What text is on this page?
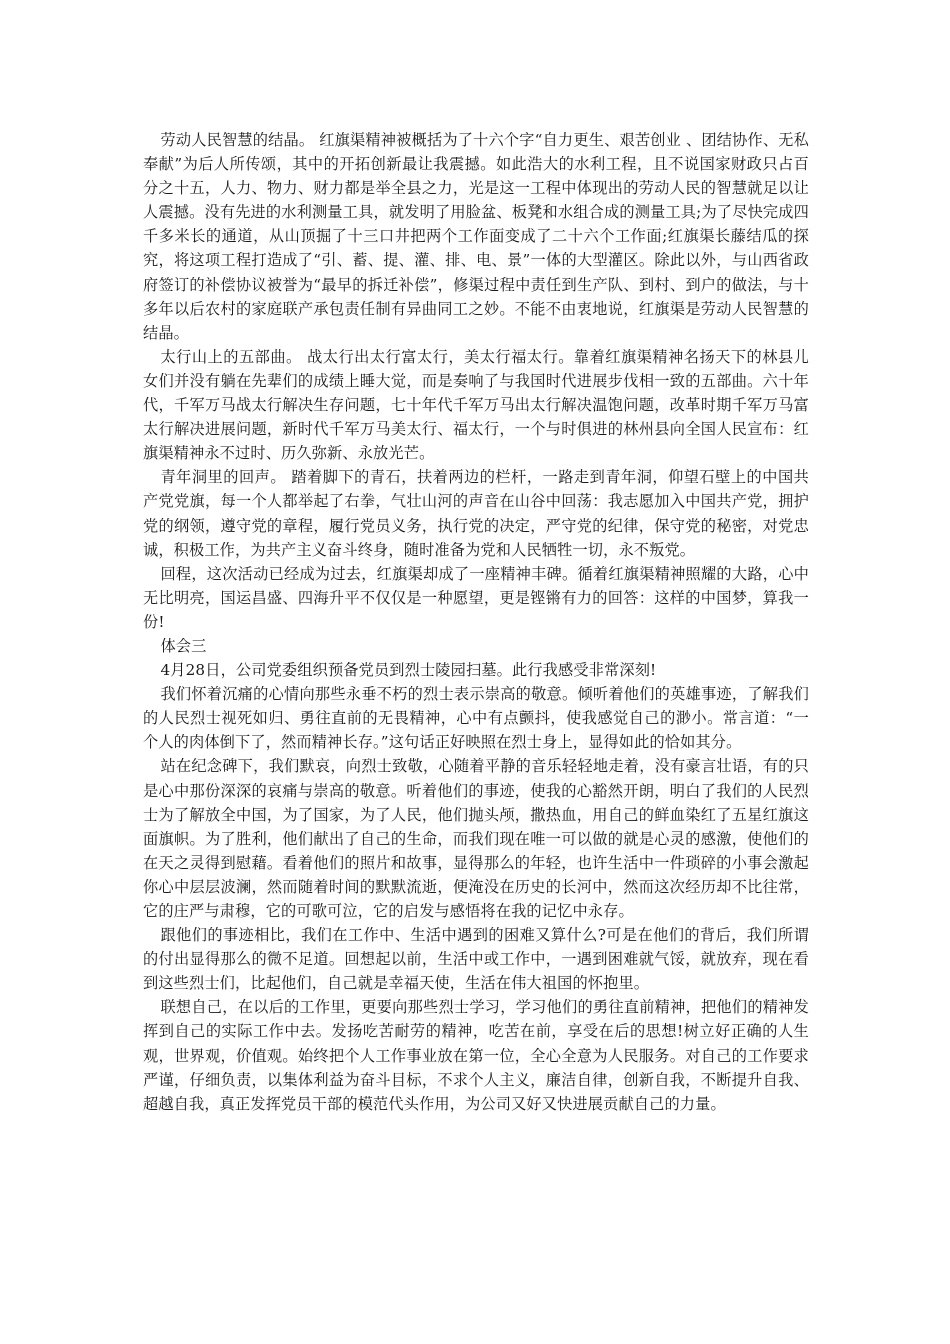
劳动人民智慧的结晶。 红旗渠精神被概括为了十六个字“自力更生、艰苦创业 、团结协作、无私奉献”为后人所传颂，其中的开拓创新最让我震撼。如此浩大的水利工程，且不说国家财政只占百分之十五，人力、物力、财力都是举全县之力，光是这一工程中体现出的劳动人民的智慧就足以让人震撼。没有先进的水利测量工具，就发明了用脸盆、板凳和水组合成的测量工具;为了尽快完成四千多米长的通道，从山顶掘了十三口井把两个工作面变成了二十六个工作面;红旗渠长藤结瓜的探究，将这项工程打造成了“引、蓄、提、灌、排、电、景”一体的大型灌区。除此以外，与山西省政府签订的补偿协议被誉为“最早的拆迁补偿”，修渠过程中责任到生产队、到村、到户的做法，与十多年以后农村的家庭联产承包责任制有异曲同工之妙。不能不由衷地说，红旗渠是劳动人民智慧的结晶。

太行山上的五部曲。 战太行出太行富太行，美太行福太行。靠着红旗渠精神名扬天下的林县儿女们并没有躺在先辈们的成绩上睡大觉，而是奏响了与我国时代进展步伐相一致的五部曲。六十年代，千军万马战太行解决生存问题，七十年代千军万马出太行解决温饱问题，改革时期千军万马富太行解决进展问题，新时代千军万马美太行、福太行，一个与时俱进的林州县向全国人民宣布：红旗渠精神永不过时、历久弥新、永放光芒。

青年洞里的回声。 踏着脚下的青石，扶着两边的栏杆，一路走到青年洞，仰望石壁上的中国共产党党旗，每一个人都举起了右拳，气壮山河的声音在山谷中回荡：我志愿加入中国共产党，拥护党的纲领，遵守党的章程，履行党员义务，执行党的决定，严守党的纪律，保守党的秘密，对党忠诚，积极工作，为共产主义奋斗终身，随时准备为党和人民牺牲一切，永不叛党。

回程，这次活动已经成为过去，红旗渠却成了一座精神丰碑。循着红旗渠精神照耀的大路，心中无比明亮，国运昌盛、四海升平不仅仅是一种愿望，更是铿锵有力的回答：这样的中国梦，算我一份!

体会三

4月28日，公司党委组织预备党员到烈士陵园扫墓。此行我感受非常深刻!

我们怀着沉痛的心情向那些永垂不朽的烈士表示崇高的敬意。倾听着他们的英雄事迹，了解我们的人民烈士视死如归、勇往直前的无畏精神，心中有点颤抖，使我感觉自己的渺小。常言道：“一个人的肉体倒下了，然而精神长存。”这句话正好映照在烈士身上，显得如此的恰如其分。

站在纪念碑下，我们默哀，向烈士致敬，心随着平静的音乐轻轻地走着，没有豪言壮语，有的只是心中那份深深的哀痛与崇高的敬意。听着他们的事迹，使我的心豁然开朗，明白了我们的人民烈士为了解放全中国，为了国家，为了人民，他们抛头颅，撒热血，用自己的鲜血染红了五星红旗这面旗帜。为了胜利，他们献出了自己的生命，而我们现在唯一可以做的就是心灵的感激，使他们的在天之灵得到慰藉。看着他们的照片和故事，显得那么的年轻，也许生活中一件琐碎的小事会激起你心中层层波澜，然而随着时间的默默流逝，便淹没在历史的长河中，然而这次经历却不比往常，它的庄严与肃穆，它的可歌可泣，它的启发与感悟将在我的记忆中永存。

跟他们的事迹相比，我们在工作中、生活中遇到的困难又算什么?可是在他们的背后，我们所谓的付出显得那么的微不足道。回想起以前，生活中或工作中，一遇到困难就气馁，就放弃，现在看到这些烈士们，比起他们，自己就是幸福天使，生活在伟大祖国的怀抱里。

联想自己，在以后的工作里，更要向那些烈士学习，学习他们的勇往直前精神，把他们的精神发挥到自己的实际工作中去。发扬吃苦耐劳的精神，吃苦在前，享受在后的思想!树立好正确的人生观，世界观，价值观。始终把个人工作事业放在第一位，全心全意为人民服务。对自己的工作要求严谨，仔细负责，以集体利益为奋斗目标，不求个人主义，廉洁自律，创新自我，不断提升自我、超越自我，真正发挥党员干部的模范代头作用，为公司又好又快进展贡献自己的力量。
